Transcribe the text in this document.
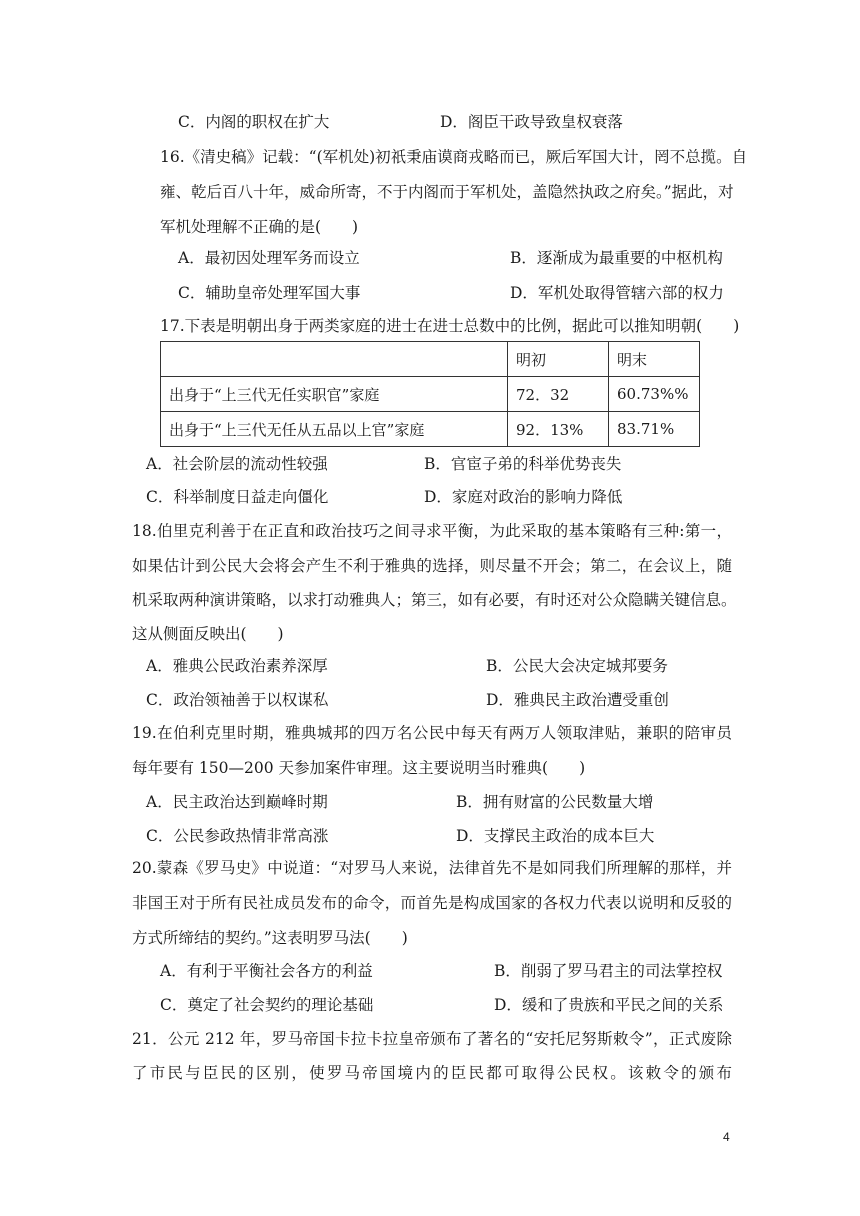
C．内阁的职权在扩大	D．阁臣干政导致皇权衰落
16.《清史稿》记载：“(军机处)初祇秉庙谟商戎略而已，厥后军国大计，罔不总揽。自
雍、乾后百八十年，威命所寄，不于内阁而于军机处，盖隐然执政之府矣。”据此，对
军机处理解不正确的是(　　)
A．最初因处理军务而设立	B．逐渐成为最重要的中枢机构
C．辅助皇帝处理军国大事	D．军机处取得管辖六部的权力
17.下表是明朝出身于两类家庭的进士在进士总数中的比例，据此可以推知明朝(　　)
	明初	明末
出身于“上三代无任实职官”家庭	72．32	60.73%%
出身于“上三代无任从五品以上官”家庭	92．13%	83.71%
A．社会阶层的流动性较强	B．官宦子弟的科举优势丧失
C．科举制度日益走向僵化	D．家庭对政治的影响力降低
18.伯里克利善于在正直和政治技巧之间寻求平衡，为此采取的基本策略有三种:第一，
如果估计到公民大会将会产生不利于雅典的选择，则尽量不开会；第二，在会议上，随
机采取两种演讲策略，以求打动雅典人；第三，如有必要，有时还对公众隐瞒关键信息。
这从侧面反映出(　　)
A．雅典公民政治素养深厚	B．公民大会决定城邦要务
C．政治领袖善于以权谋私	D．雅典民主政治遭受重创
19.在伯利克里时期，雅典城邦的四万名公民中每天有两万人领取津贴，兼职的陪审员
每年要有 150—200 天参加案件审理。这主要说明当时雅典(　　)
A．民主政治达到巅峰时期	B．拥有财富的公民数量大增
C．公民参政热情非常高涨	D．支撑民主政治的成本巨大
20.蒙森《罗马史》中说道：“对罗马人来说，法律首先不是如同我们所理解的那样，并
非国王对于所有民社成员发布的命令，而首先是构成国家的各权力代表以说明和反驳的
方式所缔结的契约。”这表明罗马法(　　)
A．有利于平衡社会各方的利益	B．削弱了罗马君主的司法掌控权
C．奠定了社会契约的理论基础	D．缓和了贵族和平民之间的关系
21．公元 212 年，罗马帝国卡拉卡拉皇帝颁布了著名的“安托尼努斯敕令”，正式废除
了市民与臣民的区别，使罗马帝国境内的臣民都可取得公民权。该敕令的颁布
4
